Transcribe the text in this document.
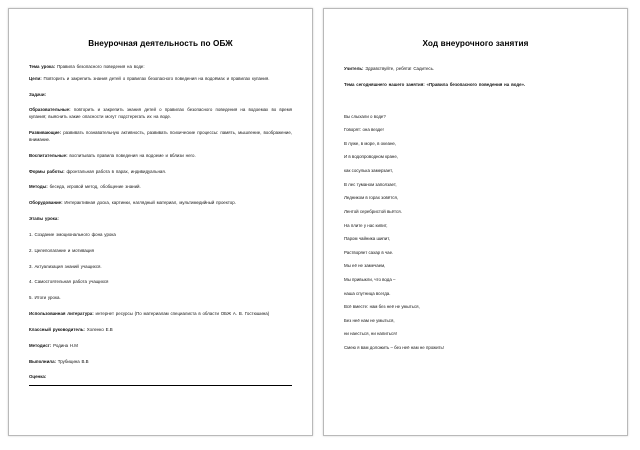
Внеурочная деятельность по ОБЖ

Тема урока: Правила безопасного поведения на воде:

Цели: Повторить и закрепить знания детей о правилах безопасного поведения на водоёмах и правилах купания.

Задачи:

Образовательные: повторить и закрепить знания детей о правилах безопасного поведения на водоемах во время купания; выяснить какие опасности могут подстерегать их на воде.

Развивающие: развивать познавательную активность, развивать психические процессы: память, мышление, воображение, внимание.

Воспитательные: воспитывать правила поведения на водоеме и вблизи него.

Формы работы: фронтальная работа в парах, индивидуальная.

Методы: беседа, игровой метод, обобщение знаний.

Оборудование: Интерактивная доска, картинки, наглядный материал, мультимедийный проектор.

Этапы урока:

1. Создание эмоционального фона урока

2. Целеполагание и мотивация

3. Актуализация знаний учащихся.

4. Самостоятельная работа учащихся

5. Итоги урока.

Использованная литература: интернет ресурсы (По материалам специалиста в области ОБЖ А. В. Гостюшина)

Классный руководитель: Холенко Е.В

Методист: Родина Н.М

Выполнила: Трубицина В.В

Оценка:

Ход внеурочного занятия

Учитель: Здравствуйте, ребята! Садитесь.

Тема сегодняшнего нашего занятия: «Правила безопасного поведения на воде».

Вы слыхали о воде?

Говорят: она везде!

В луже, в море, в океане,

И в водопроводном кране,

как сосулька замерзает,

В лес туманом заползает,

Ледником в горах зовётся,

Лентой серебристой вьётся.

На плите у нас кипит,

Паром чайника шипит,

Растворяет сахар в чае.

Мы её не замечаем,

Мы привыкли, что вода –

наша спутница всегда.

Всё вместе: нам без неё не умыться,

Без неё нам не умыться,

ни наесться, ни напиться!

Смею я вам доложить – без неё нам не прожить!
